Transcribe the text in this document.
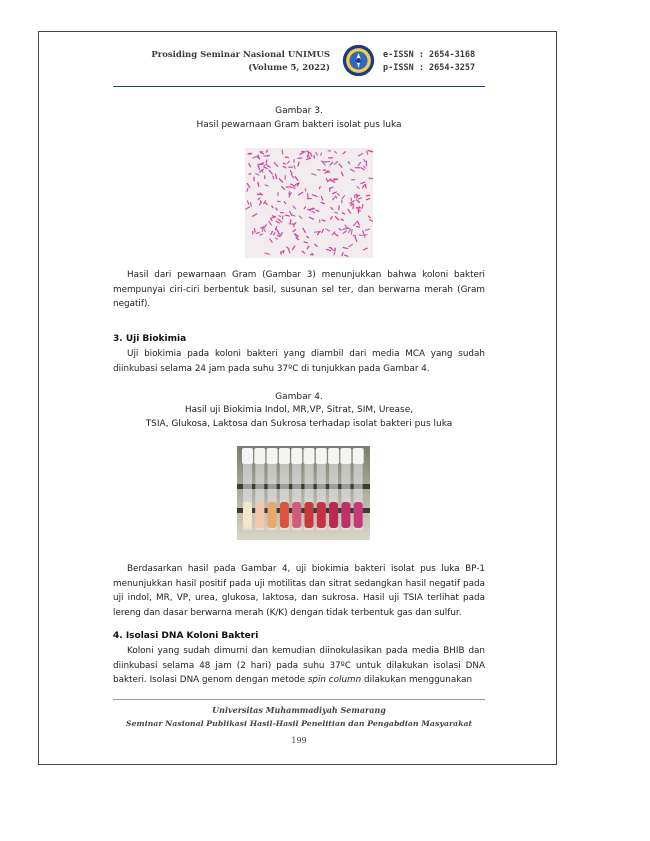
Prosiding Seminar Nasional UNIMUS
(Volume 5, 2022)
e-ISSN : 2654-3168
p-ISSN : 2654-3257
Gambar 3.
Hasil pewarnaan Gram bakteri isolat pus luka
Hasil dari pewarnaan Gram (Gambar 3) menunjukkan bahwa koloni bakteri mempunyai ciri-ciri berbentuk basil, susunan sel ter, dan berwarna merah (Gram negatif).
3. Uji Biokimia
Uji biokimia pada koloni bakteri yang diambil dari media MCA yang sudah diinkubasi selama 24 jam pada suhu 37ºC di tunjukkan pada Gambar 4.
Gambar 4.
Hasil uji Biokimia Indol, MR,VP, Sitrat, SIM, Urease,
TSIA, Glukosa, Laktosa dan Sukrosa terhadap isolat bakteri pus luka
Berdasarkan hasil pada Gambar 4, uji biokimia bakteri isolat pus luka BP-1 menunjukkan hasil positif pada uji motilitas dan sitrat sedangkan hasil negatif pada uji indol, MR, VP, urea, glukosa, laktosa, dan sukrosa. Hasil uji TSIA terlihat pada lereng dan dasar berwarna merah (K/K) dengan tidak terbentuk gas dan sulfur.
4. Isolasi DNA Koloni Bakteri
Koloni yang sudah dimurni dan kemudian diinokulasikan pada media BHIB dan diinkubasi selama 48 jam (2 hari) pada suhu 37ºC untuk dilakukan isolasi DNA bakteri. Isolasi DNA genom dengan metode spin column dilakukan menggunakan
Universitas Muhammadiyah Semarang
Seminar Nasional Publikasi Hasil-Hasil Penelitian dan Pengabdian Masyarakat
199
